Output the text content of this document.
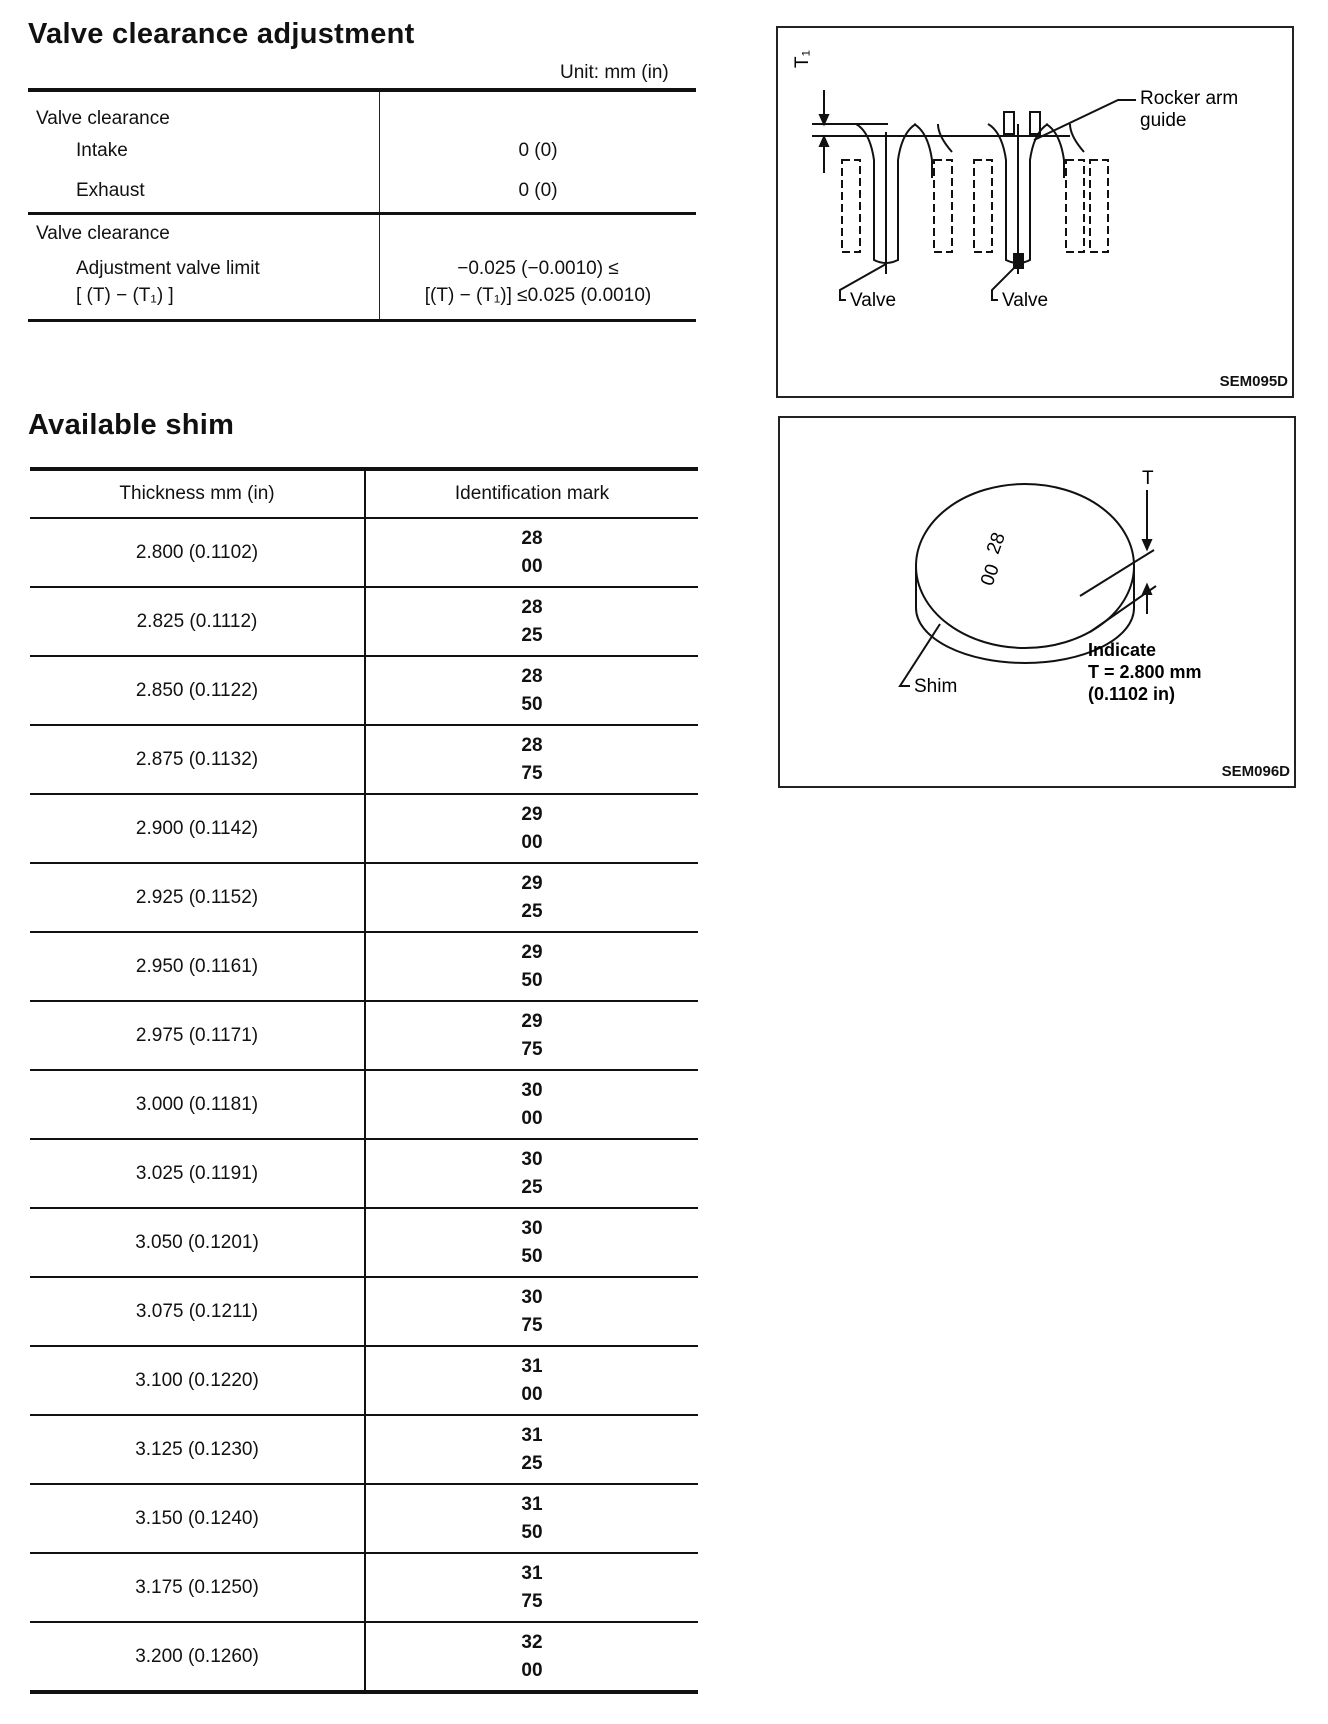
Valve clearance adjustment
Unit: mm (in)
Valve clearance	

Intake	0 (0)

Exhaust	0 (0)

Valve clearance	

Adjustment valve limit
[ (T) − (T₁) ]	−0.025 (−0.0010) ≤
[(T) − (T₁)] ≤0.025 (0.0010)
Available shim
Thickness mm (in)	Identification mark
2.800 (0.1102)	28
00

2.825 (0.1112)	28
25

2.850 (0.1122)	28
50

2.875 (0.1132)	28
75

2.900 (0.1142)	29
00

2.925 (0.1152)	29
25

2.950 (0.1161)	29
50

2.975 (0.1171)	29
75

3.000 (0.1181)	30
00

3.025 (0.1191)	30
25

3.050 (0.1201)	30
50

3.075 (0.1211)	30
75

3.100 (0.1220)	31
00

3.125 (0.1230)	31
25

3.150 (0.1240)	31
50

3.175 (0.1250)	31
75

3.200 (0.1260)	32
00
T₁
Rocker arm
guide
Valve	Valve
SEM095D
28
00
T
Shim
Indicate
T = 2.800 mm
(0.1102 in)
SEM096D
